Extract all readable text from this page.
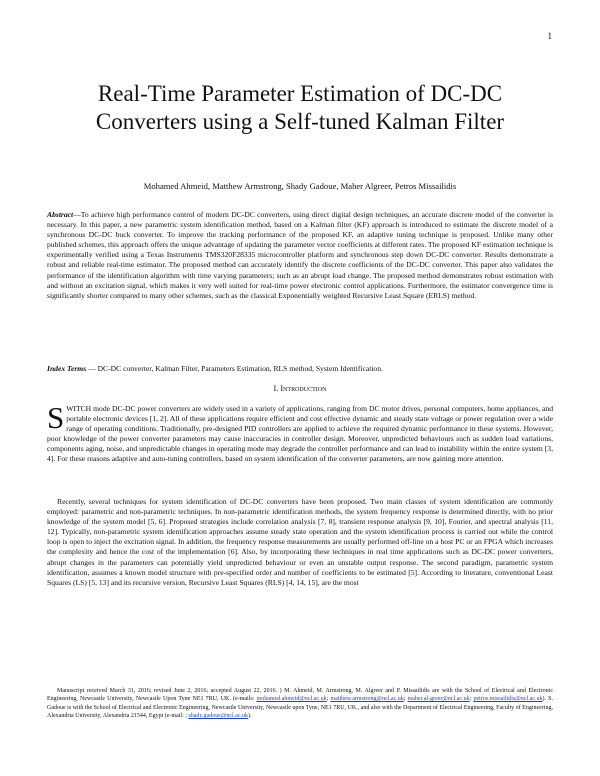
1
Real-Time Parameter Estimation of DC-DC
Converters using a Self-tuned Kalman Filter
Mohamed Ahmeid, Matthew Armstrong, Shady Gadoue, Maher Algreer, Petros Missailidis
Abstract—To achieve high performance control of modern DC-DC converters, using direct digital design techniques, an accurate discrete model of the converter is necessary. In this paper, a new parametric system identification method, based on a Kalman filter (KF) approach is introduced to estimate the discrete model of a synchronous DC-DC buck converter. To improve the tracking performance of the proposed KF, an adaptive tuning technique is proposed. Unlike many other published schemes, this approach offers the unique advantage of updating the parameter vector coefficients at different rates. The proposed KF estimation technique is experimentally verified using a Texas Instruments TMS320F28335 microcontroller platform and synchronous step down DC-DC converter. Results demonstrate a robust and reliable real-time estimator. The proposed method can accurately identify the discrete coefficients of the DC-DC converter. This paper also validates the performance of the identification algorithm with time varying parameters; such as an abrupt load change. The proposed method demonstrates robust estimation with and without an excitation signal, which makes it very well suited for real-time power electronic control applications. Furthermore, the estimator convergence time is significantly shorter compared to many other schemes, such as the classical Exponentially weighted Recursive Least Square (ERLS) method.
Index Terms — DC-DC converter, Kalman Filter, Parameters Estimation, RLS method, System Identification.
I. Introduction
SWITCH mode DC-DC power converters are widely used in a variety of applications, ranging from DC motor drives, personal computers, home appliances, and portable electronic devices [1, 2]. All of these applications require efficient and cost effective dynamic and steady state voltage or power regulation over a wide range of operating conditions. Traditionally, pre-designed PID controllers are applied to achieve the required dynamic performance in these systems. However, poor knowledge of the power converter parameters may cause inaccuracies in controller design. Moreover, unpredicted behaviours such as sudden load variations, components aging, noise, and unpredictable changes in operating mode may degrade the controller performance and can lead to instability within the entire system [3, 4]. For these reasons adaptive and auto-tuning controllers, based on system identification of the converter parameters, are now gaining more attention.
Recently, several techniques for system identification of DC-DC converters have been proposed. Two main classes of system identification are commonly employed: parametric and non-parametric techniques. In non-parametric identification methods, the system frequency response is determined directly, with no prior knowledge of the system model [5, 6]. Proposed strategies include correlation analysis [7, 8], transient response analysis [9, 10], Fourier, and spectral analysis [11, 12]. Typically, non-parametric system identification approaches assume steady state operation and the system identification process is carried out while the control loop is open to inject the excitation signal. In addition, the frequency response measurements are usually performed off-line on a host PC or an FPGA which increases the complexity and hence the cost of the implementation [6]. Also, by incorporating these techniques in real time applications such as DC-DC power converters, abrupt changes in the parameters can potentially yield unpredicted behaviour or even an unstable output response. The second paradigm, parametric system identification, assumes a known model structure with pre-specified order and number of coefficients to be estimated [5]. According to literature, conventional Least Squares (LS) [5, 13] and its recursive version, Recursive Least Squares (RLS) [4, 14, 15], are the most
Manuscript received March 31, 2016; revised June 2, 2016; accepted August 22, 2016. ) M. Ahmeid, M. Armstrong, M. Algreer and P. Missailidis are with the School of Electrical and Electronic Engineering, Newcastle University, Newcastle Upon Tyne NE1 7RU, UK. (e-mails: mohamed.ahmeid@ncl.ac.uk; matthew.armstrong@ncl.ac.uk; maher.al-greer@ncl.ac.uk; petros.missailidis@ncl.ac.uk). S. Gadoue is with the School of Electrical and Electronic Engineering, Newcastle University, Newcastle upon Tyne, NE1 7RU, UK., and also with the Department of Electrical Engineering, Faculty of Engineering, Alexandria University, Alexandria 21544, Egypt (e-mail: ; shady.gadoue@ncl.ac.uk).
